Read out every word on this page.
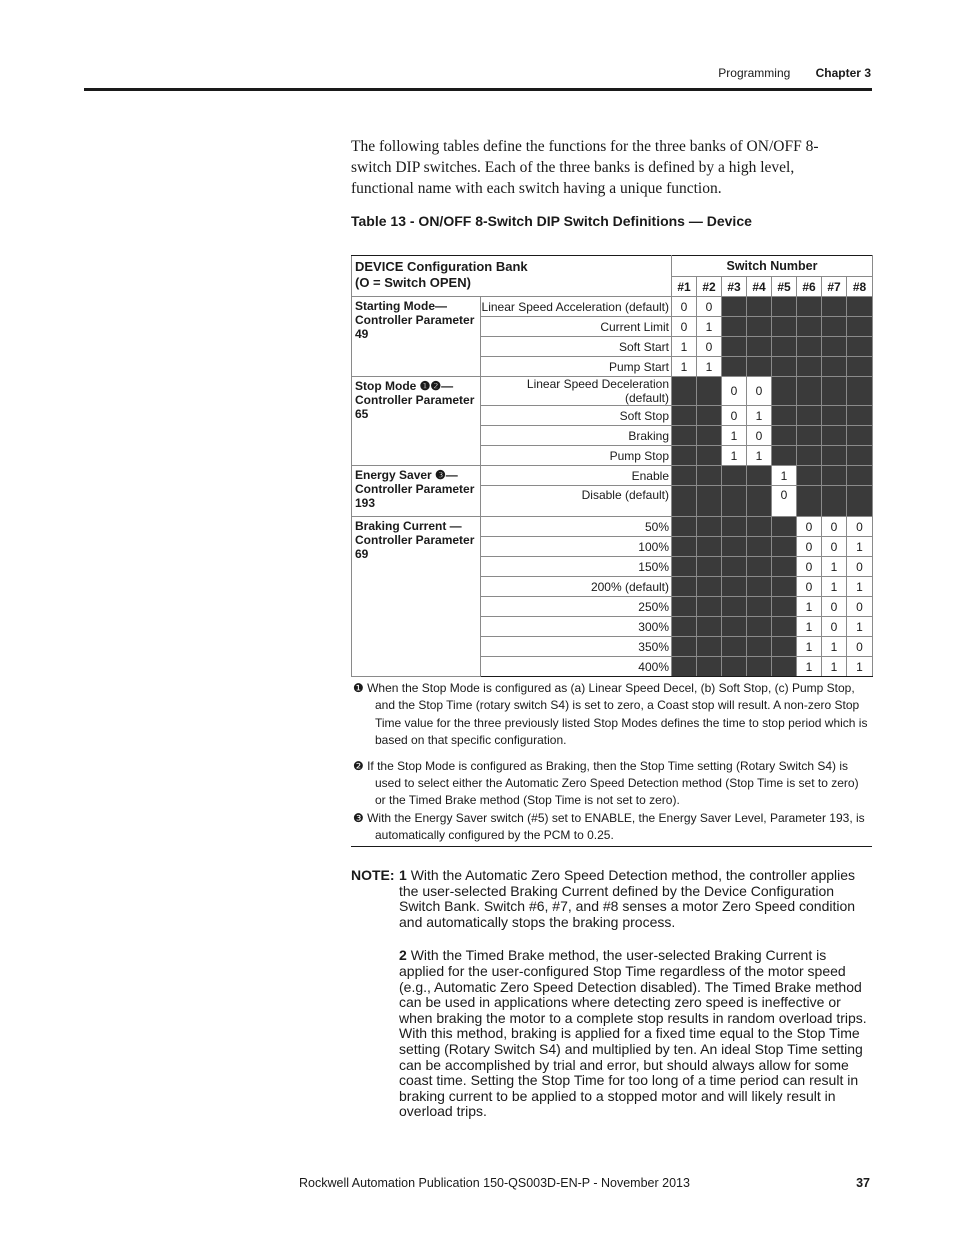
Programming Chapter 3
The following tables define the functions for the three banks of ON/OFF 8-switch DIP switches. Each of the three banks is defined by a high level, functional name with each switch having a unique function.
Table 13 - ON/OFF 8-Switch DIP Switch Definitions — Device
DEVICE Configuration Bank
(O = Switch OPEN)		Switch Number							
		#1	#2	#3	#4	#5	#6	#7	#8
Starting Mode— Controller Parameter 49	Linear Speed Acceleration (default)	0	0						
	Current Limit	0	1						
	Soft Start	1	0						
	Pump Start	1	1						
Stop Mode ❶❷— Controller Parameter 65	Linear Speed Deceleration (default)			0	0				
	Soft Stop			0	1				
	Braking			1	0				
	Pump Stop			1	1				
Energy Saver ❸— Controller Parameter 193	Enable					1			
	Disable (default)					0			
Braking Current — Controller Parameter 69	50%						0	0	0
	100%						0	0	1
	150%						0	1	0
	200% (default)						0	1	1
	250%						1	0	0
	300%						1	0	1
	350%						1	1	0
	400%						1	1	1
❶ When the Stop Mode is configured as (a) Linear Speed Decel, (b) Soft Stop, (c) Pump Stop, and the Stop Time (rotary switch S4) is set to zero, a Coast stop will result. A non-zero Stop Time value for the three previously listed Stop Modes defines the time to stop period which is based on that specific configuration.
❷ If the Stop Mode is configured as Braking, then the Stop Time setting (Rotary Switch S4) is used to select either the Automatic Zero Speed Detection method (Stop Time is set to zero) or the Timed Brake method (Stop Time is not set to zero).
❸ With the Energy Saver switch (#5) set to ENABLE, the Energy Saver Level, Parameter 193, is automatically configured by the PCM to 0.25.
NOTE: 1 With the Automatic Zero Speed Detection method, the controller applies the user-selected Braking Current defined by the Device Configuration Switch Bank. Switch #6, #7, and #8 senses a motor Zero Speed condition and automatically stops the braking process.

2 With the Timed Brake method, the user-selected Braking Current is applied for the user-configured Stop Time regardless of the motor speed (e.g., Automatic Zero Speed Detection disabled). The Timed Brake method can be used in applications where detecting zero speed is ineffective or when braking the motor to a complete stop results in random overload trips. With this method, braking is applied for a fixed time equal to the Stop Time setting (Rotary Switch S4) and multiplied by ten. An ideal Stop Time setting can be accomplished by trial and error, but should always allow for some coast time. Setting the Stop Time for too long of a time period can result in braking current to be applied to a stopped motor and will likely result in overload trips.

Rockwell Automation Publication 150-QS003D-EN-P - November 2013	37
